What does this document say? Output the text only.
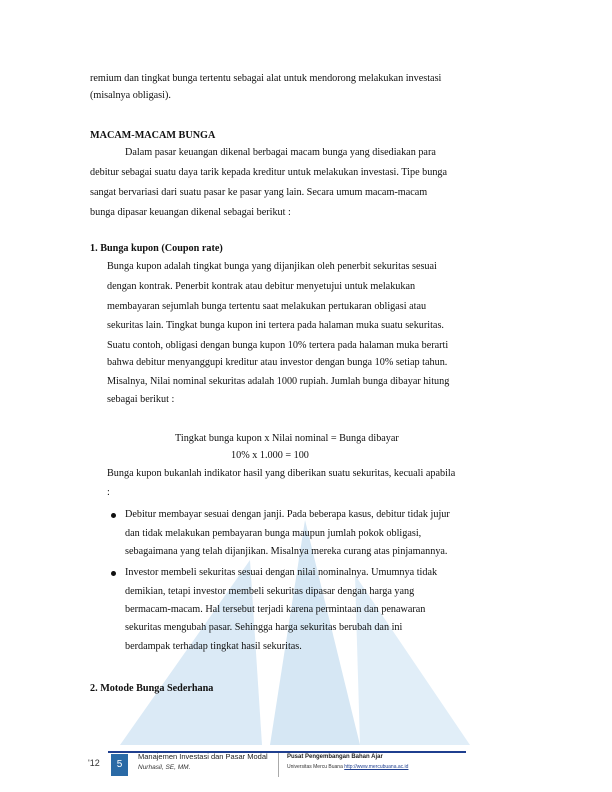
remium dan tingkat bunga tertentu sebagai alat untuk mendorong melakukan investasi
(misalnya obligasi).
MACAM-MACAM BUNGA
Dalam pasar keuangan dikenal berbagai macam bunga yang disediakan para
debitur sebagai suatu daya tarik kepada kreditur untuk melakukan investasi. Tipe bunga
sangat bervariasi dari suatu pasar ke pasar yang lain. Secara umum macam-macam
bunga dipasar keuangan dikenal sebagai berikut :
1. Bunga kupon (Coupon rate)
Bunga kupon adalah tingkat bunga yang dijanjikan oleh penerbit sekuritas sesuai
dengan kontrak. Penerbit kontrak atau debitur menyetujui untuk melakukan
membayaran sejumlah bunga tertentu saat melakukan pertukaran obligasi atau
sekuritas lain. Tingkat bunga kupon ini tertera pada halaman muka suatu sekuritas.
Suatu contoh, obligasi dengan bunga kupon 10% tertera pada halaman muka berarti
bahwa debitur menyanggupi kreditur atau investor dengan bunga 10% setiap tahun.
Misalnya, Nilai nominal sekuritas adalah 1000 rupiah. Jumlah bunga dibayar hitung
sebagai berikut :
Tingkat bunga kupon x Nilai nominal = Bunga dibayar
10% x 1.000 = 100
Bunga kupon bukanlah indikator hasil yang diberikan suatu sekuritas, kecuali apabila
:
Debitur membayar sesuai dengan janji. Pada beberapa kasus, debitur tidak jujur
dan tidak melakukan pembayaran bunga maupun jumlah pokok obligasi,
sebagaimana yang telah dijanjikan. Misalnya mereka curang atas pinjamannya.
Investor membeli sekuritas sesuai dengan nilai nominalnya. Umumnya tidak
demikian, tetapi investor membeli sekuritas dipasar dengan harga yang
bermacam-macam. Hal tersebut terjadi karena permintaan dan penawaran
sekuritas mengubah pasar. Sehingga harga sekuritas berubah dan ini
berdampak terhadap tingkat hasil sekuritas.
2. Motode Bunga Sederhana
'12	5
Manajemen Investasi dan Pasar Modal
Nurhasil, SE, MM.
Pusat Pengembangan Bahan Ajar
Universitas Mercu Buana http://www.mercubuana.ac.id
